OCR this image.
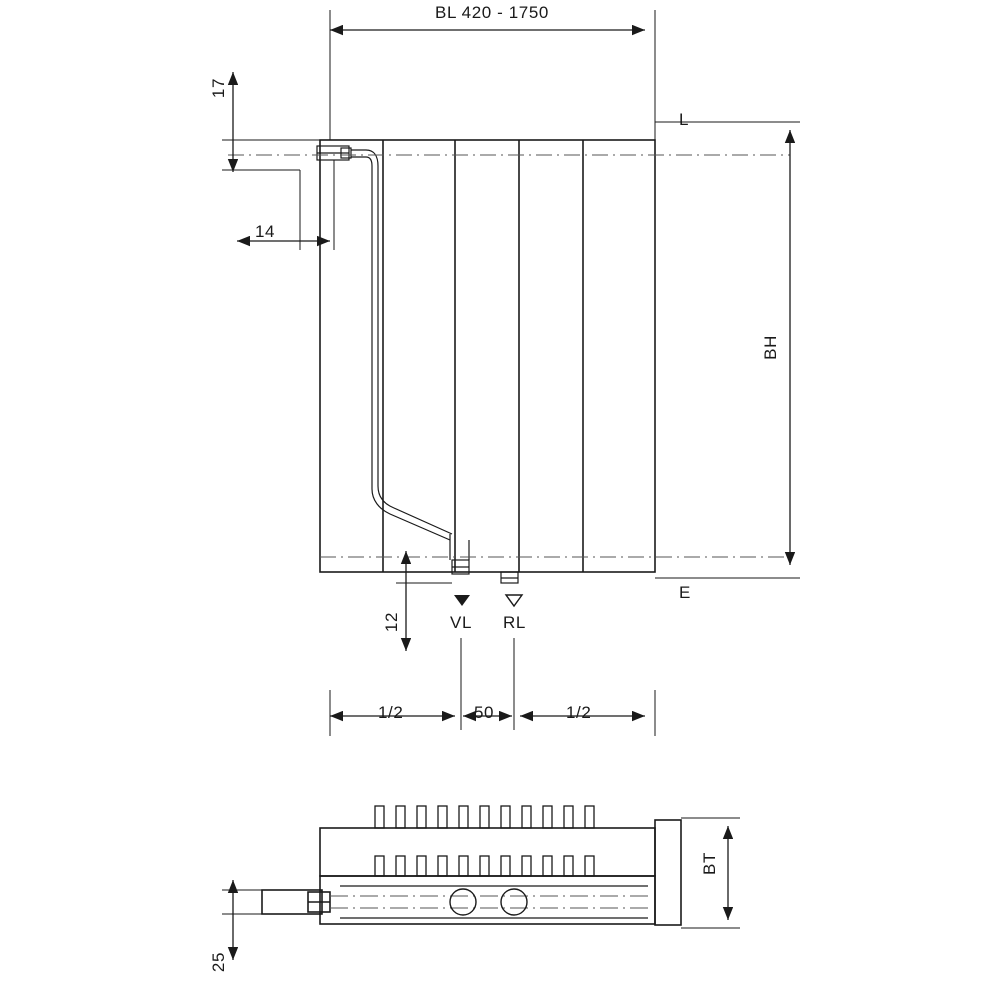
BL 420 - 1750
17
14
L
E
BH
12	VL RL
1/2	50	1/2
BT
25
